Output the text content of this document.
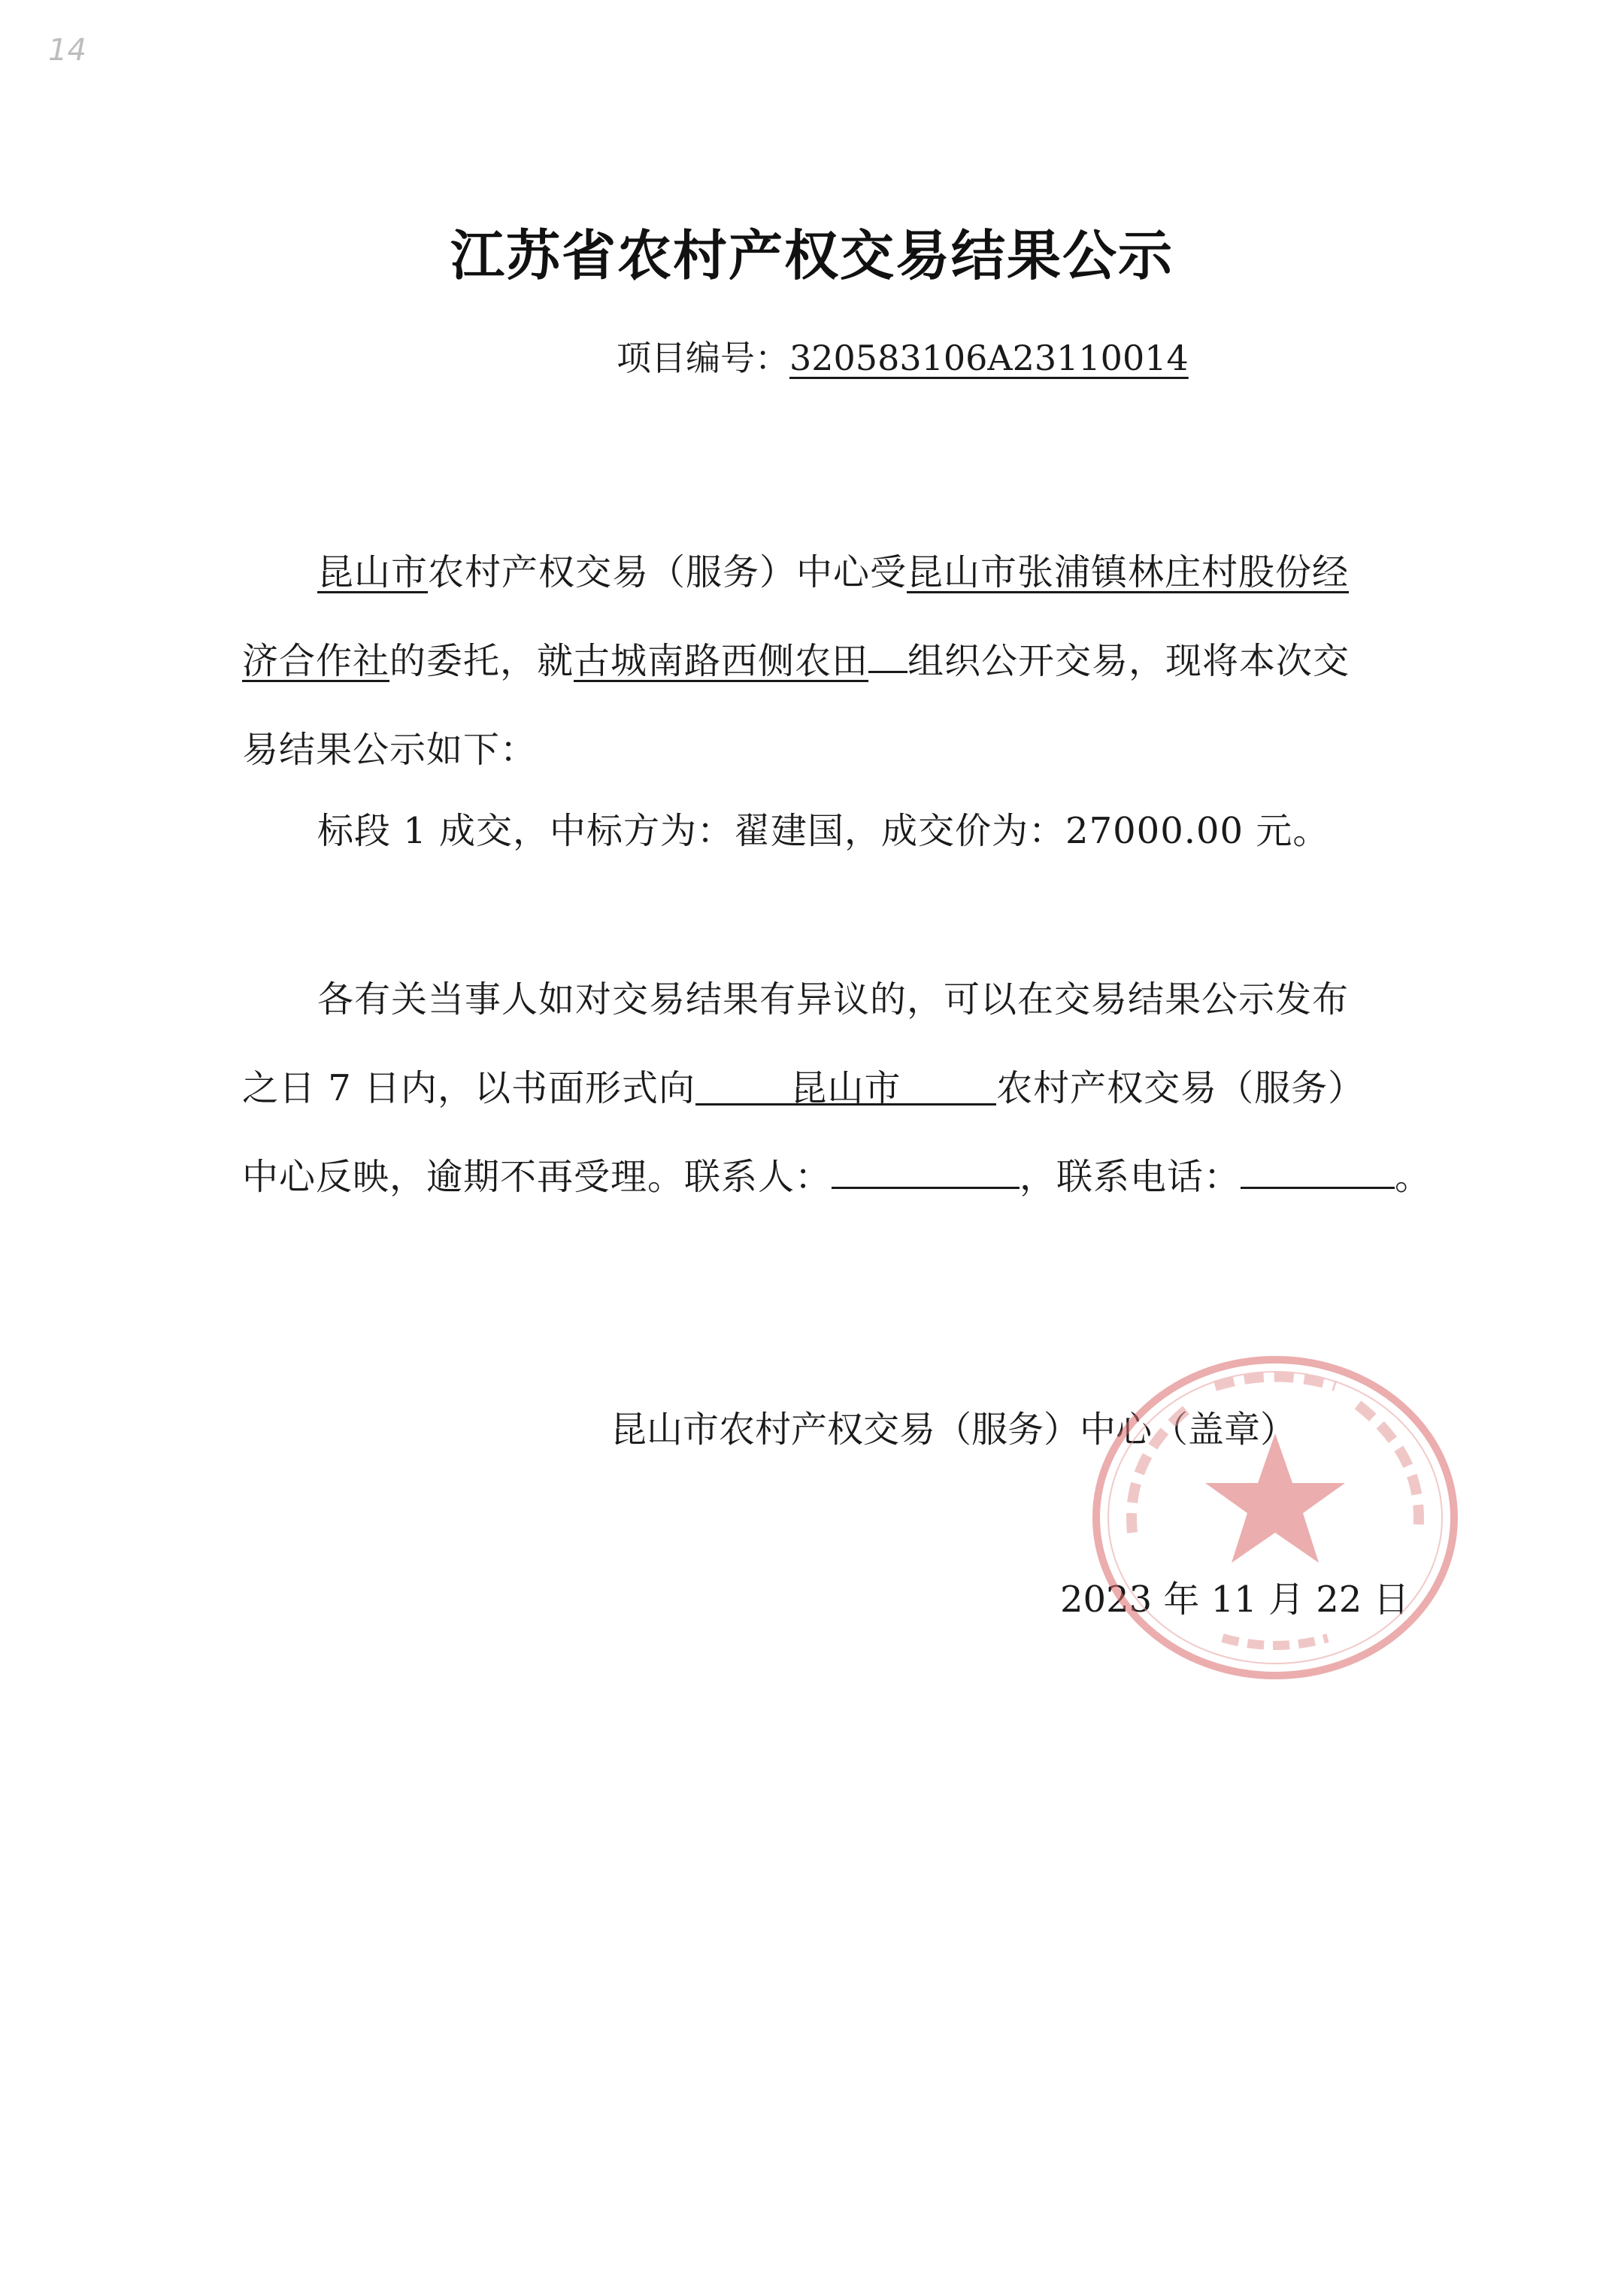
14
江苏省农村产权交易结果公示
项目编号：320583106A23110014
昆山市农村产权交易（服务）中心受昆山市张浦镇林庄村股份经
济合作社的委托，就古城南路西侧农田 组织公开交易，现将本次交
易结果公示如下：
标段 1 成交，中标方为：翟建国，成交价为：27000.00 元。
各有关当事人如对交易结果有异议的，可以在交易结果公示发布
之日 7 日内，以书面形式向	昆山市	农村产权交易（服务）
中心反映，逾期不再受理。联系人：	，联系电话：	。
昆山市农村产权交易（服务）中心（盖章）
2023 年 11 月 22 日
